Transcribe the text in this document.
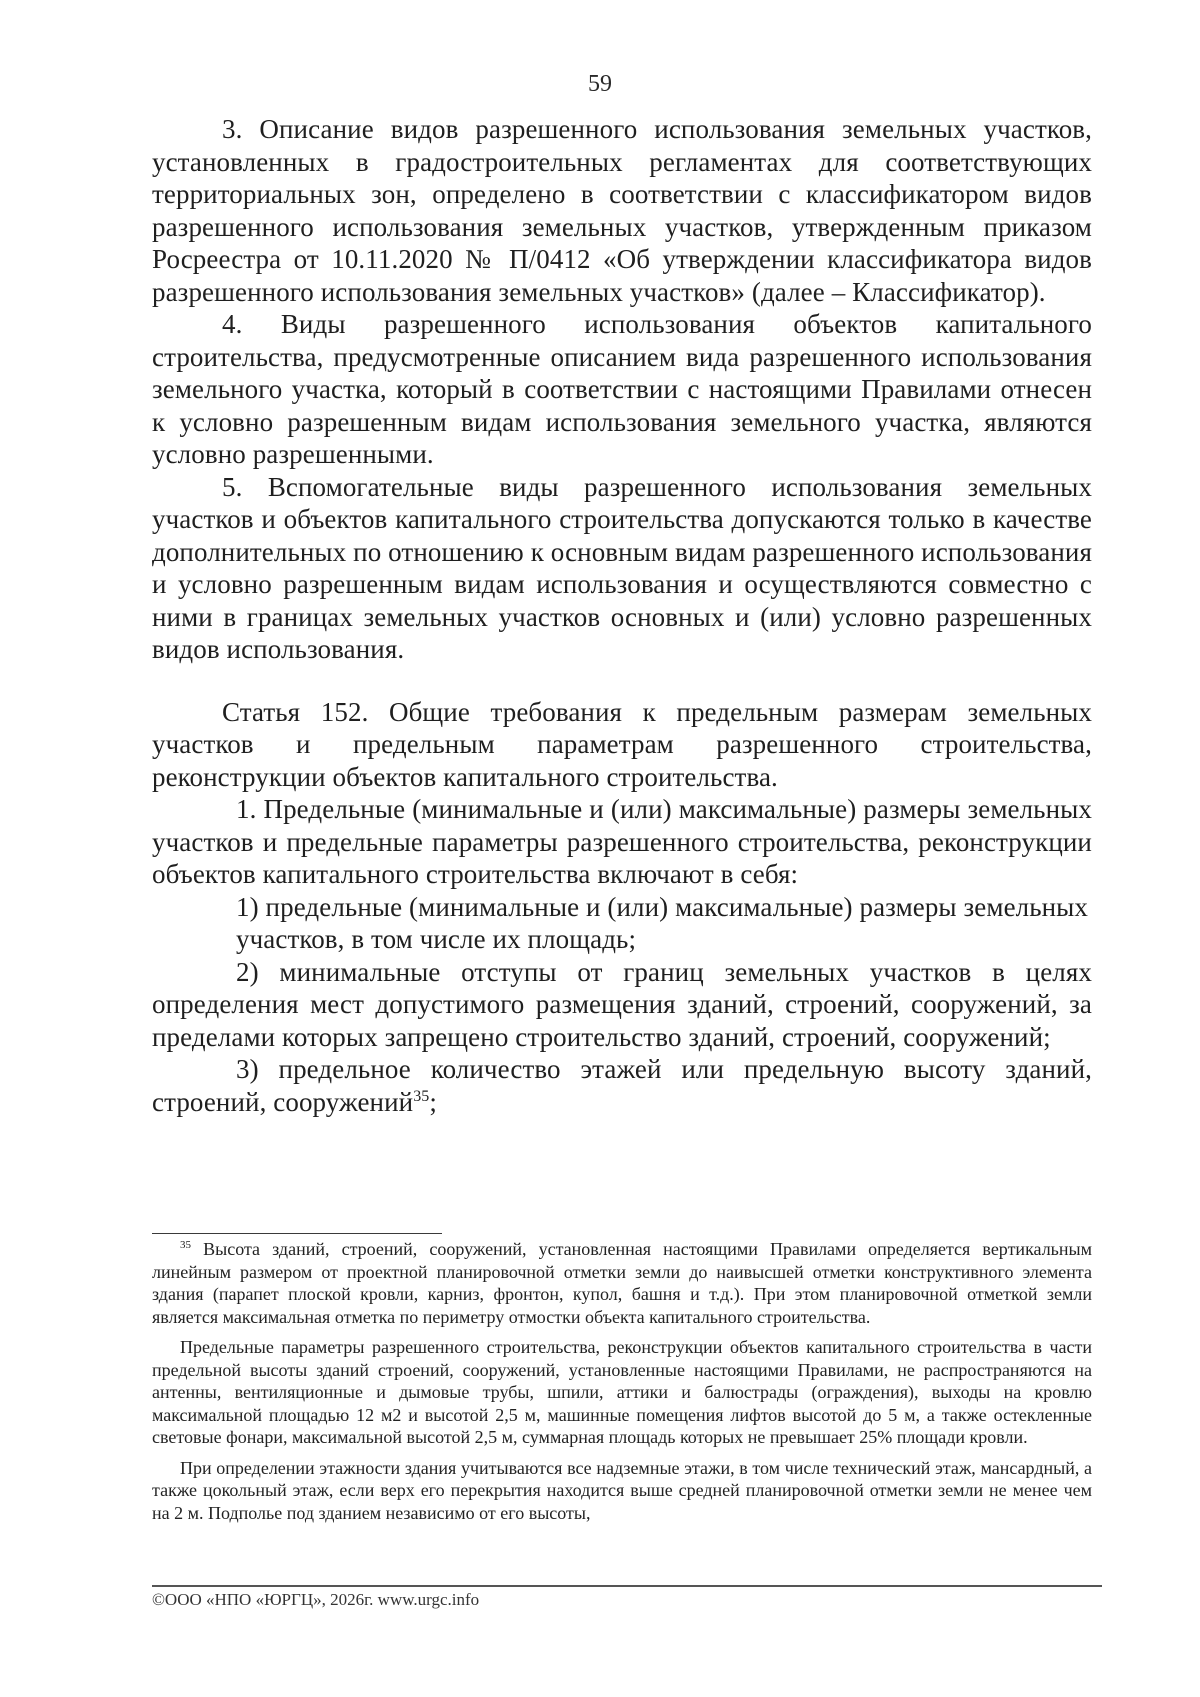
59

3. Описание видов разрешенного использования земельных участков, установленных в градостроительных регламентах для соответствующих территориальных зон, определено в соответствии с классификатором видов разрешенного использования земельных участков, утвержденным приказом Росреестра от 10.11.2020 № П/0412 «Об утверждении классификатора видов разрешенного использования земельных участков» (далее – Классификатор).

4. Виды разрешенного использования объектов капитального строительства, предусмотренные описанием вида разрешенного использования земельного участка, который в соответствии с настоящими Правилами отнесен к условно разрешенным видам использования земельного участка, являются условно разрешенными.

5. Вспомогательные виды разрешенного использования земельных участков и объектов капитального строительства допускаются только в качестве дополнительных по отношению к основным видам разрешенного использования и условно разрешенным видам использования и осуществляются совместно с ними в границах земельных участков основных и (или) условно разрешенных видов использования.

Статья 152. Общие требования к предельным размерам земельных участков и предельным параметрам разрешенного строительства, реконструкции объектов капитального строительства.

1. Предельные (минимальные и (или) максимальные) размеры земельных участков и предельные параметры разрешенного строительства, реконструкции объектов капитального строительства включают в себя:

1) предельные (минимальные и (или) максимальные) размеры земельных участков, в том числе их площадь;

2) минимальные отступы от границ земельных участков в целях определения мест допустимого размещения зданий, строений, сооружений, за пределами которых запрещено строительство зданий, строений, сооружений;

3) предельное количество этажей или предельную высоту зданий, строений, сооружений$^{35}$;

$^{35}$ Высота зданий, строений, сооружений, установленная настоящими Правилами определяется вертикальным линейным размером от проектной планировочной отметки земли до наивысшей отметки конструктивного элемента здания (парапет плоской кровли, карниз, фронтон, купол, башня и т.д.). При этом планировочной отметкой земли является максимальная отметка по периметру отмостки объекта капитального строительства.

Предельные параметры разрешенного строительства, реконструкции объектов капитального строительства в части предельной высоты зданий строений, сооружений, установленные настоящими Правилами, не распространяются на антенны, вентиляционные и дымовые трубы, шпили, аттики и балюстрады (ограждения), выходы на кровлю максимальной площадью 12 м2 и высотой 2,5 м, машинные помещения лифтов высотой до 5 м, а также остекленные световые фонари, максимальной высотой 2,5 м, суммарная площадь которых не превышает 25% площади кровли.

При определении этажности здания учитываются все надземные этажи, в том числе технический этаж, мансардный, а также цокольный этаж, если верх его перекрытия находится выше средней планировочной отметки земли не менее чем на 2 м. Подполье под зданием независимо от его высоты,

©ООО «НПО «ЮРГЦ», 2026г. www.urgc.info
